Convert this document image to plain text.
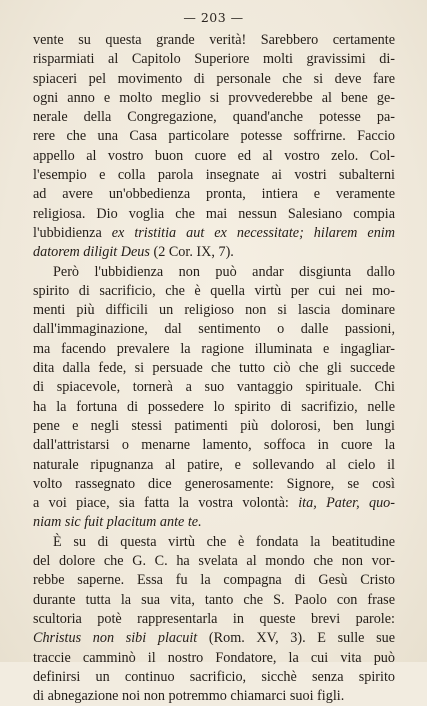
— 203 —
vente su questa grande verità! Sarebbero certamente
risparmiati al Capitolo Superiore molti gravissimi di-
spiaceri pel movimento di personale che si deve fare
ogni anno e molto meglio si provvederebbe al bene ge-
nerale della Congregazione, quand'anche potesse pa-
rere che una Casa particolare potesse soffrirne. Faccio
appello al vostro buon cuore ed al vostro zelo. Col-
l'esempio e colla parola insegnate ai vostri subalterni
ad avere un'obbedienza pronta, intiera e veramente
religiosa. Dio voglia che mai nessun Salesiano compia
l'ubbidienza ex tristitia aut ex necessitate; hilarem enim
datorem diligit Deus (2 Cor. IX, 7).
Però l'ubbidienza non può andar disgiunta dallo
spirito di sacrificio, che è quella virtù per cui nei mo-
menti più difficili un religioso non si lascia dominare
dall'immaginazione, dal sentimento o dalle passioni,
ma facendo prevalere la ragione illuminata e ingagliar-
dita dalla fede, si persuade che tutto ciò che gli succede
di spiacevole, tornerà a suo vantaggio spirituale. Chi
ha la fortuna di possedere lo spirito di sacrifizio, nelle
pene e negli stessi patimenti più dolorosi, ben lungi
dall'attristarsi o menarne lamento, soffoca in cuore la
naturale ripugnanza al patire, e sollevando al cielo il
volto rassegnato dice generosamente: Signore, se così
a voi piace, sia fatta la vostra volontà: ita, Pater, quo-
niam sic fuit placitum ante te.
È su di questa virtù che è fondata la beatitudine
del dolore che G. C. ha svelata al mondo che non vor-
rebbe saperne. Essa fu la compagna di Gesù Cristo
durante tutta la sua vita, tanto che S. Paolo con frase
scultoria potè rappresentarla in queste brevi parole:
Christus non sibi placuit (Rom. XV, 3). E sulle sue
traccie camminò il nostro Fondatore, la cui vita può
definirsi un continuo sacrificio, sicchè senza spirito
di abnegazione noi non potremmo chiamarci suoi figli.
